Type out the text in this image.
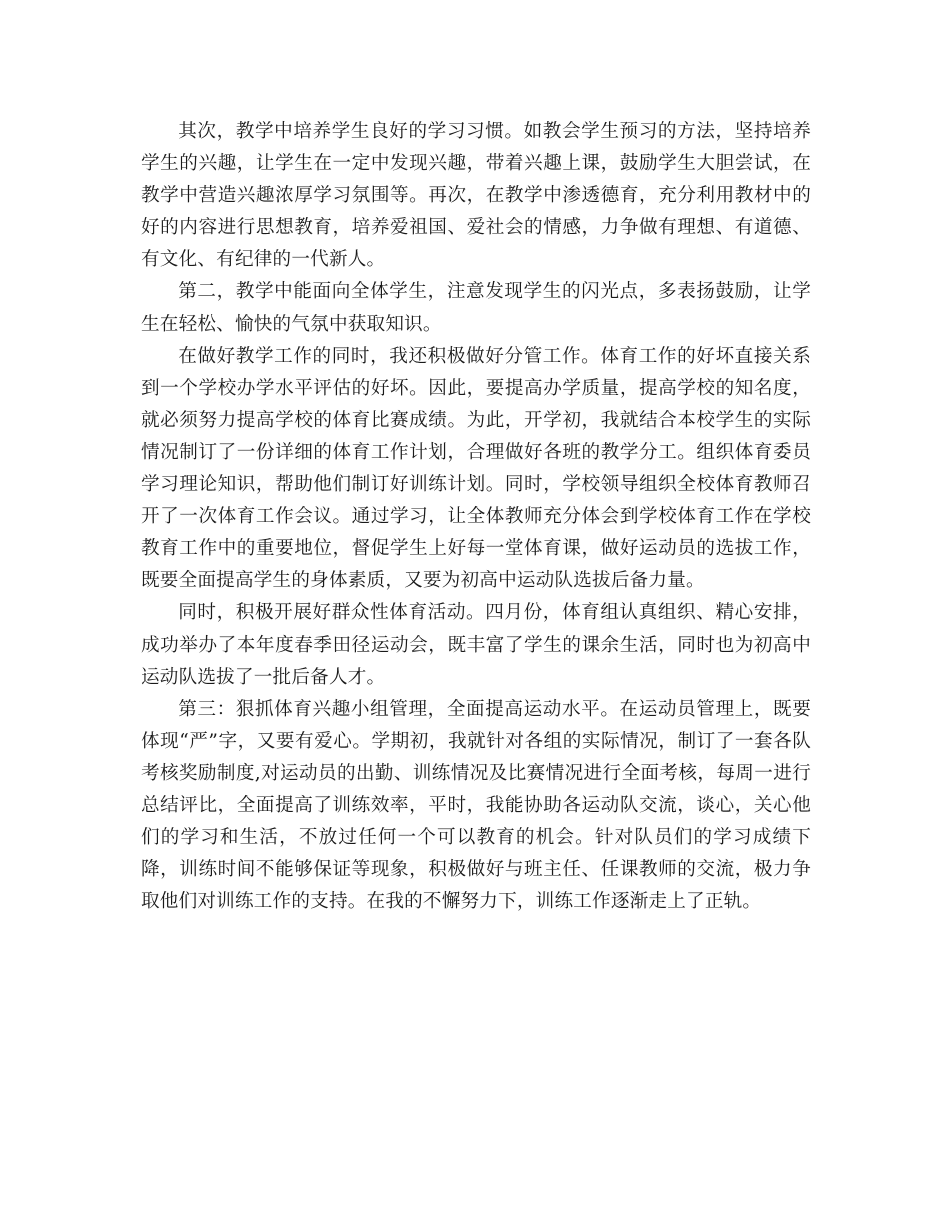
其次，教学中培养学生良好的学习习惯。如教会学生预习的方法，坚持培养学生的兴趣，让学生在一定中发现兴趣，带着兴趣上课，鼓励学生大胆尝试，在教学中营造兴趣浓厚学习氛围等。再次，在教学中渗透德育，充分利用教材中的好的内容进行思想教育，培养爱祖国、爱社会的情感，力争做有理想、有道德、有文化、有纪律的一代新人。

第二，教学中能面向全体学生，注意发现学生的闪光点，多表扬鼓励，让学生在轻松、愉快的气氛中获取知识。

在做好教学工作的同时，我还积极做好分管工作。体育工作的好坏直接关系到一个学校办学水平评估的好坏。因此，要提高办学质量，提高学校的知名度，就必须努力提高学校的体育比赛成绩。为此，开学初，我就结合本校学生的实际情况制订了一份详细的体育工作计划，合理做好各班的教学分工。组织体育委员学习理论知识，帮助他们制订好训练计划。同时，学校领导组织全校体育教师召开了一次体育工作会议。通过学习，让全体教师充分体会到学校体育工作在学校教育工作中的重要地位，督促学生上好每一堂体育课，做好运动员的选拔工作，既要全面提高学生的身体素质，又要为初高中运动队选拔后备力量。

同时，积极开展好群众性体育活动。四月份，体育组认真组织、精心安排，成功举办了本年度春季田径运动会，既丰富了学生的课余生活，同时也为初高中运动队选拔了一批后备人才。

第三：狠抓体育兴趣小组管理，全面提高运动水平。在运动员管理上，既要体现“严”字，又要有爱心。学期初，我就针对各组的实际情况，制订了一套各队考核奖励制度,对运动员的出勤、训练情况及比赛情况进行全面考核，每周一进行总结评比，全面提高了训练效率，平时，我能协助各运动队交流，谈心，关心他们的学习和生活，不放过任何一个可以教育的机会。针对队员们的学习成绩下降，训练时间不能够保证等现象，积极做好与班主任、任课教师的交流，极力争取他们对训练工作的支持。在我的不懈努力下，训练工作逐渐走上了正轨。
